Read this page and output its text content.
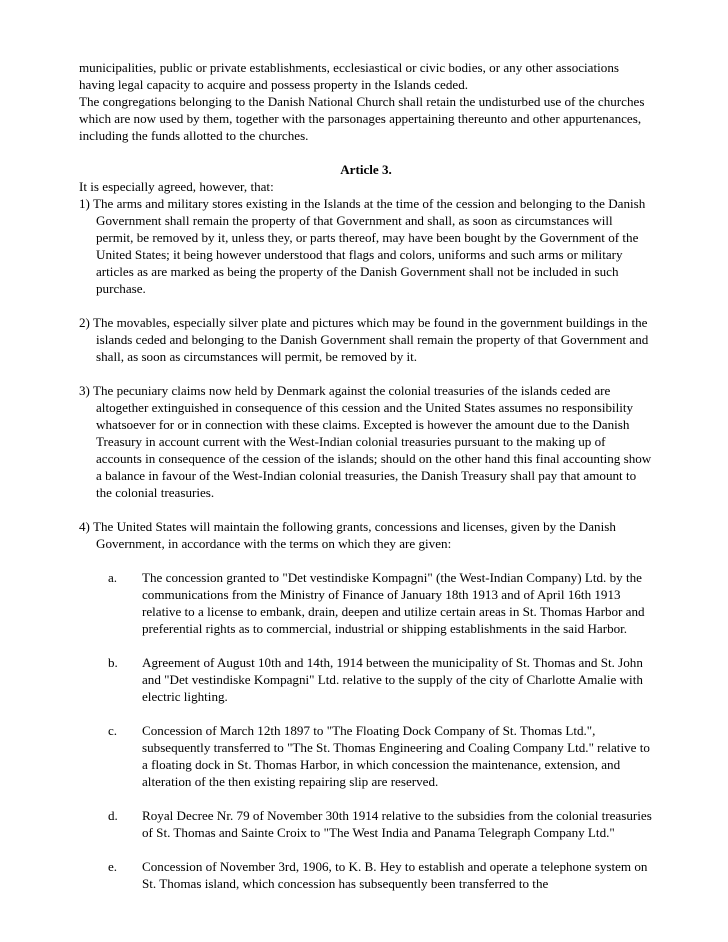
municipalities, public or private establishments, ecclesiastical or civic bodies, or any other associations having legal capacity to acquire and possess property in the Islands ceded.

The congregations belonging to the Danish National Church shall retain the undisturbed use of the churches which are now used by them, together with the parsonages appertaining thereunto and other appurtenances, including the funds allotted to the churches.

Article 3.

It is especially agreed, however, that:

1) The arms and military stores existing in the Islands at the time of the cession and belonging to the Danish Government shall remain the property of that Government and shall, as soon as circumstances will permit, be removed by it, unless they, or parts thereof, may have been bought by the Government of the United States; it being however understood that flags and colors, uniforms and such arms or military articles as are marked as being the property of the Danish Government shall not be included in such purchase.

2) The movables, especially silver plate and pictures which may be found in the government buildings in the islands ceded and belonging to the Danish Government shall remain the property of that Government and shall, as soon as circumstances will permit, be removed by it.

3) The pecuniary claims now held by Denmark against the colonial treasuries of the islands ceded are altogether extinguished in consequence of this cession and the United States assumes no responsibility whatsoever for or in connection with these claims. Excepted is however the amount due to the Danish Treasury in account current with the West-Indian colonial treasuries pursuant to the making up of accounts in consequence of the cession of the islands; should on the other hand this final accounting show a balance in favour of the West-Indian colonial treasuries, the Danish Treasury shall pay that amount to the colonial treasuries.

4) The United States will maintain the following grants, concessions and licenses, given by the Danish Government, in accordance with the terms on which they are given:

a. The concession granted to "Det vestindiske Kompagni" (the West-Indian Company) Ltd. by the communications from the Ministry of Finance of January 18th 1913 and of April 16th 1913 relative to a license to embank, drain, deepen and utilize certain areas in St. Thomas Harbor and preferential rights as to commercial, industrial or shipping establishments in the said Harbor.
b. Agreement of August 10th and 14th, 1914 between the municipality of St. Thomas and St. John and "Det vestindiske Kompagni" Ltd. relative to the supply of the city of Charlotte Amalie with electric lighting.
c. Concession of March 12th 1897 to "The Floating Dock Company of St. Thomas Ltd.", subsequently transferred to "The St. Thomas Engineering and Coaling Company Ltd." relative to a floating dock in St. Thomas Harbor, in which concession the maintenance, extension, and alteration of the then existing repairing slip are reserved.
d. Royal Decree Nr. 79 of November 30th 1914 relative to the subsidies from the colonial treasuries of St. Thomas and Sainte Croix to "The West India and Panama Telegraph Company Ltd."
e. Concession of November 3rd, 1906, to K. B. Hey to establish and operate a telephone system on St. Thomas island, which concession has subsequently been transferred to the
